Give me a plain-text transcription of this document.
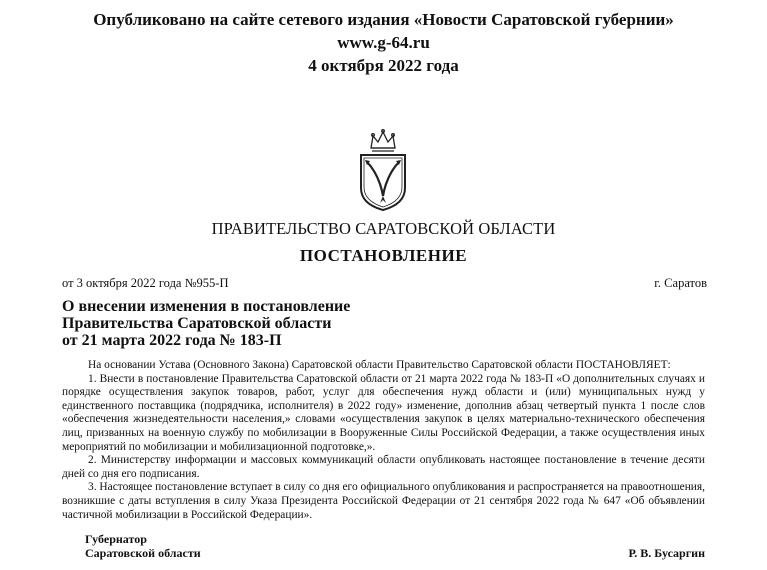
Опубликовано на сайте сетевого издания «Новости Саратовской губернии»
www.g-64.ru
4 октября 2022 года
ПРАВИТЕЛЬСТВО САРАТОВСКОЙ ОБЛАСТИ
ПОСТАНОВЛЕНИЕ
от 3 октября 2022 года №955-П	г. Саратов
О внесении изменения в постановление
Правительства Саратовской области
от 21 марта 2022 года № 183-П

На основании Устава (Основного Закона) Саратовской области Правительство Саратовской области ПОСТАНОВЛЯЕТ:

1. Внести в постановление Правительства Саратовской области от 21 марта 2022 года № 183-П «О дополнительных случаях и порядке осуществления закупок товаров, работ, услуг для обеспечения нужд области и (или) муниципальных нужд у единственного поставщика (подрядчика, исполнителя) в 2022 году» изменение, дополнив абзац четвертый пункта 1 после слов «обеспечения жизнедеятельности населения,» словами «осуществления закупок в целях материально-технического обеспечения лиц, призванных на военную службу по мобилизации в Вооруженные Силы Российской Федерации, а также осуществления иных мероприятий по мобилизации и мобилизационной подготовке,».

2. Министерству информации и массовых коммуникаций области опубликовать настоящее постановление в течение десяти дней со дня его подписания.

3. Настоящее постановление вступает в силу со дня его официального опубликования и распространяется на правоотношения, возникшие с даты вступления в силу Указа Президента Российской Федерации от 21 сентября 2022 года № 647 «Об объявлении частичной мобилизации в Российской Федерации».

Губернатор
Саратовской области	Р. В. Бусаргин
